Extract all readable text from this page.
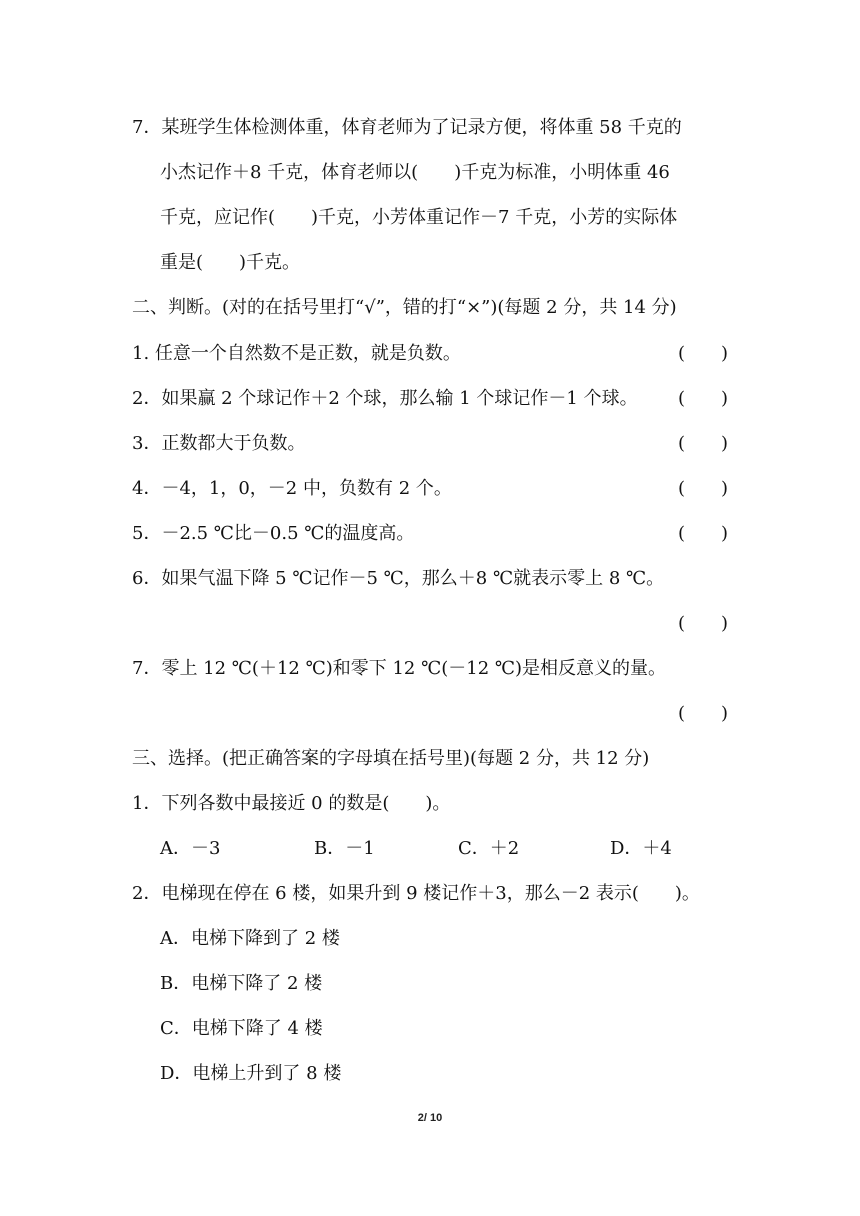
7．某班学生体检测体重，体育老师为了记录方便，将体重 58 千克的
小杰记作＋8 千克，体育老师以(　　)千克为标准，小明体重 46
千克，应记作(　　)千克，小芳体重记作－7 千克，小芳的实际体
重是(　　)千克。
二、判断。(对的在括号里打“√”，错的打“×”)(每题 2 分，共 14 分)
1. 任意一个自然数不是正数，就是负数。	(　　)
2．如果赢 2 个球记作＋2 个球，那么输 1 个球记作－1 个球。 (　　)
3．正数都大于负数。	(　　)
4．－4，1，0，－2 中，负数有 2 个。	(　　)
5．－2.5 ℃比－0.5 ℃的温度高。	(　　)
6．如果气温下降 5 ℃记作－5 ℃，那么＋8 ℃就表示零上 8 ℃。
(　　)
7．零上 12 ℃(＋12 ℃)和零下 12 ℃(－12 ℃)是相反意义的量。
(　　)
三、选择。(把正确答案的字母填在括号里)(每题 2 分，共 12 分)
1．下列各数中最接近 0 的数是(　　)。
A．－3	B．－1	C．＋2	D．＋4
2．电梯现在停在 6 楼，如果升到 9 楼记作＋3，那么－2 表示(　　)。
A．电梯下降到了 2 楼
B．电梯下降了 2 楼
C．电梯下降了 4 楼
D．电梯上升到了 8 楼
2/ 10
